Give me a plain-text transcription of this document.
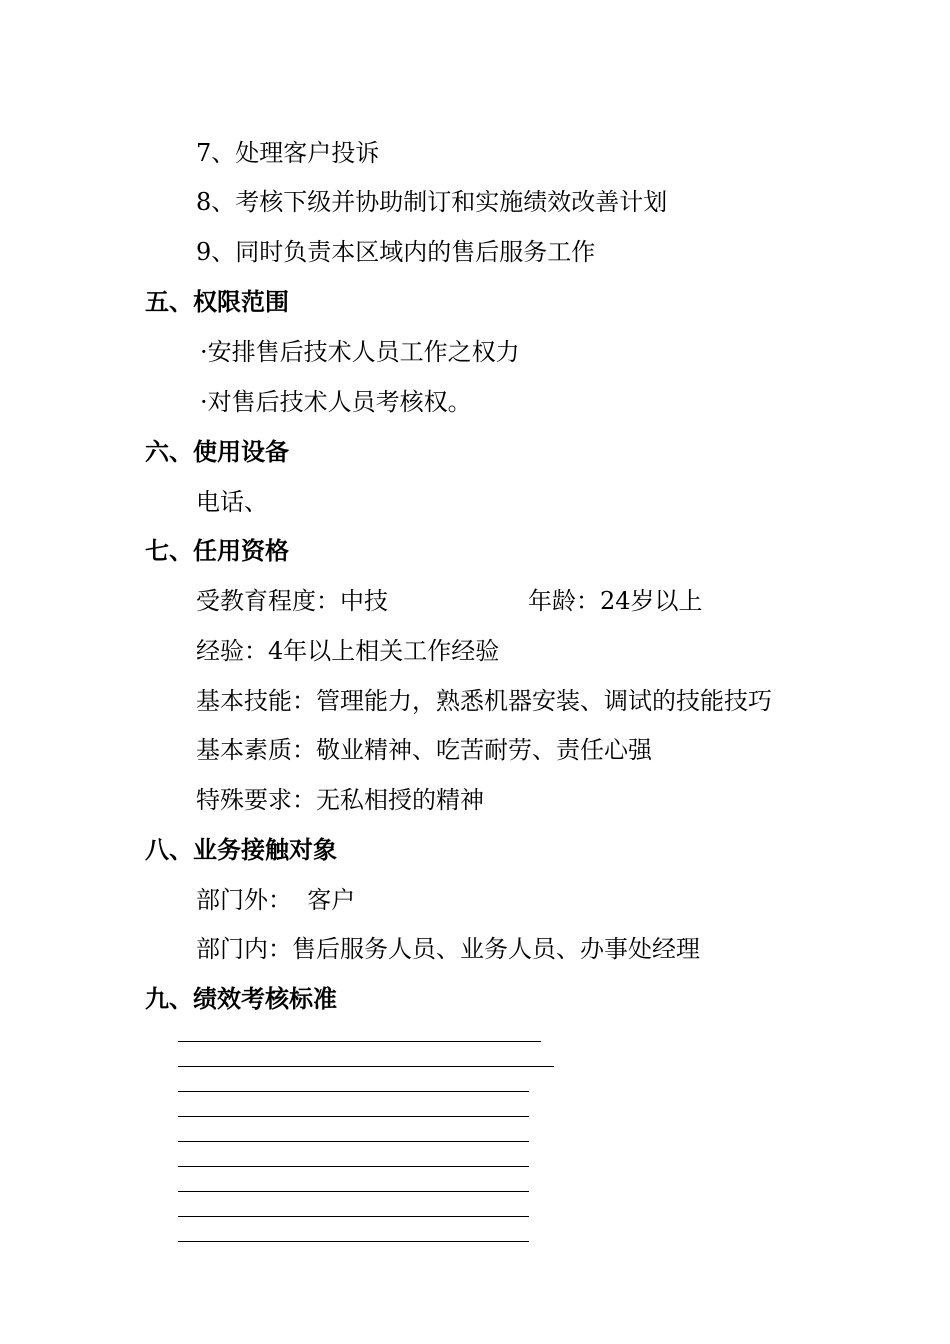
7、处理客户投诉
8、考核下级并协助制订和实施绩效改善计划
9、同时负责本区域内的售后服务工作
五、权限范围
·安排售后技术人员工作之权力
·对售后技术人员考核权。
六、使用设备
电话、
七、任用资格
受教育程度：中技	年龄：24岁以上
经验：4年以上相关工作经验
基本技能：管理能力，熟悉机器安装、调试的技能技巧
基本素质：敬业精神、吃苦耐劳、责任心强
特殊要求：无私相授的精神
八、业务接触对象
部门外：  客户
部门内：售后服务人员、业务人员、办事处经理
九、绩效考核标准
